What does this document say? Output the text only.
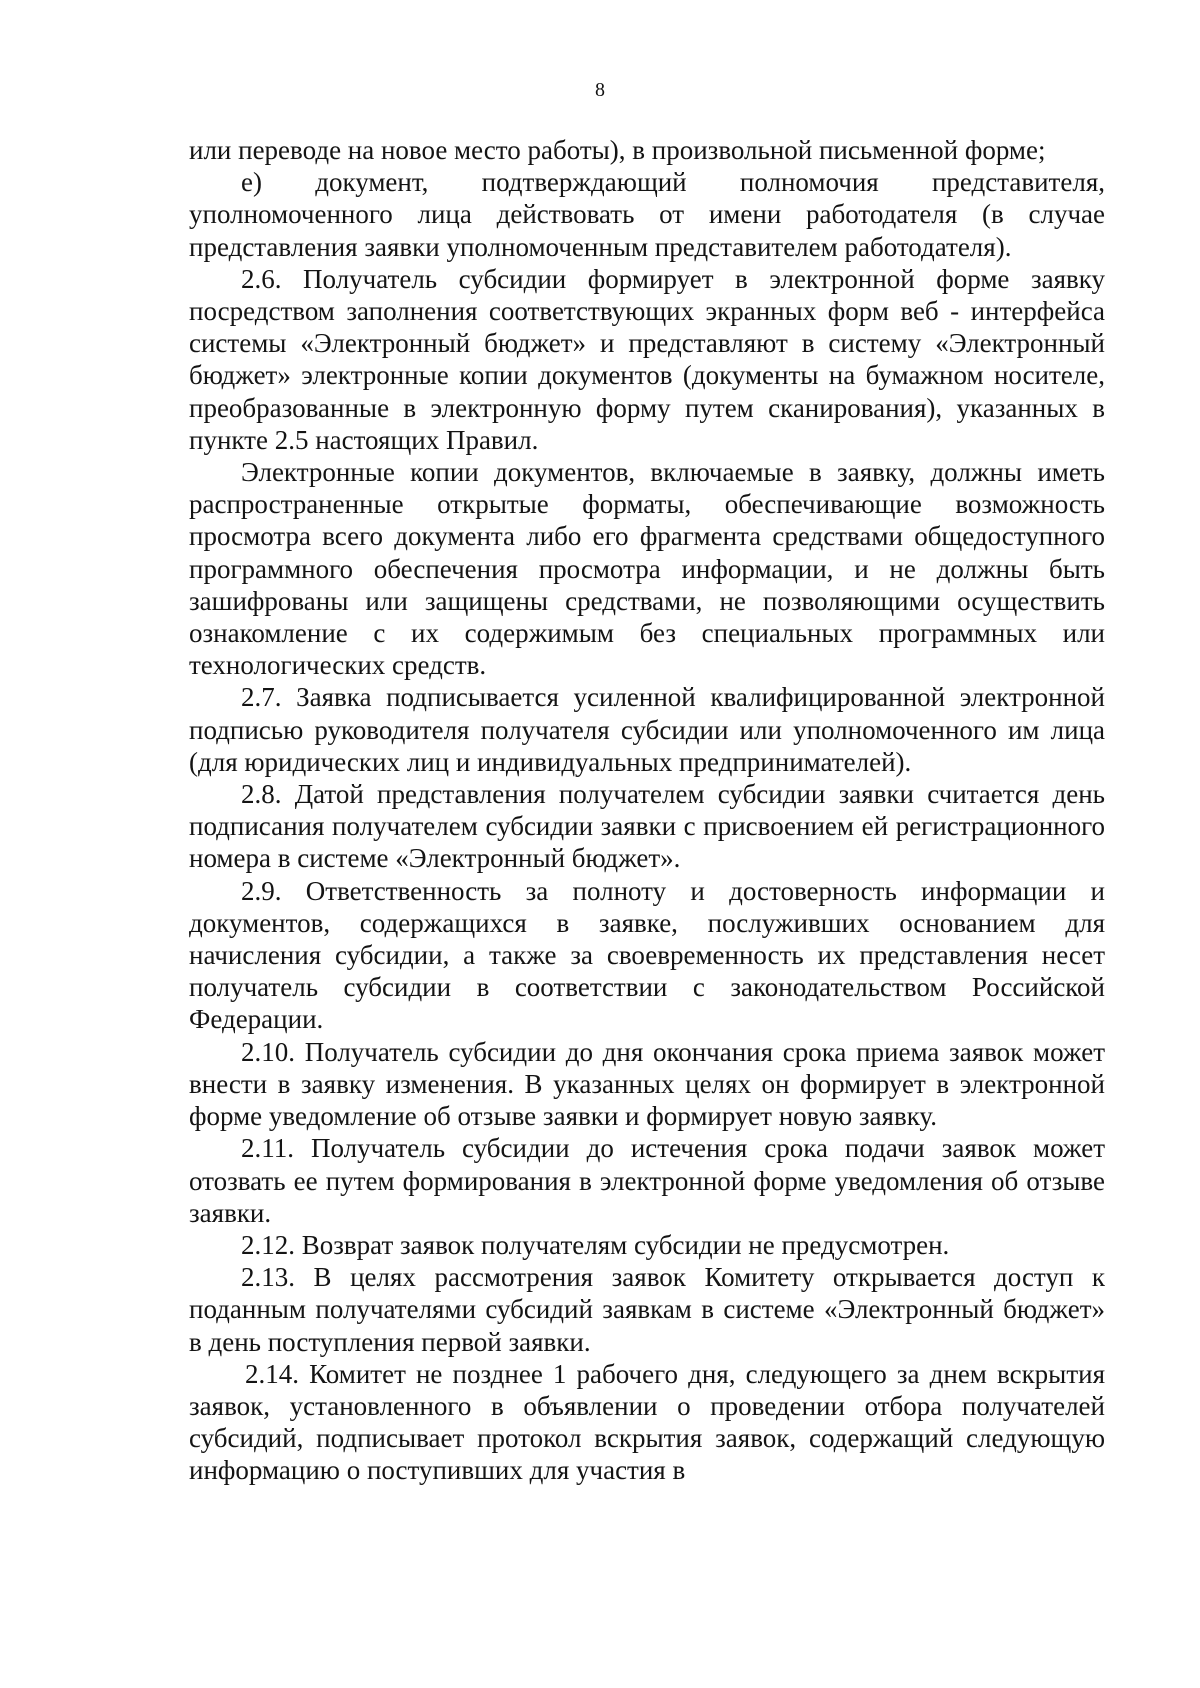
8

или переводе на новое место работы), в произвольной письменной форме;

е) документ, подтверждающий полномочия представителя, уполномоченного лица действовать от имени работодателя (в случае представления заявки уполномоченным представителем работодателя).

2.6. Получатель субсидии формирует в электронной форме заявку посредством заполнения соответствующих экранных форм веб - интерфейса системы «Электронный бюджет» и представляют в систему «Электронный бюджет» электронные копии документов (документы на бумажном носителе, преобразованные в электронную форму путем сканирования), указанных в пункте 2.5 настоящих Правил.

Электронные копии документов, включаемые в заявку, должны иметь распространенные открытые форматы, обеспечивающие возможность просмотра всего документа либо его фрагмента средствами общедоступного программного обеспечения просмотра информации, и не должны быть зашифрованы или защищены средствами, не позволяющими осуществить ознакомление с их содержимым без специальных программных или технологических средств.

2.7. Заявка подписывается усиленной квалифицированной электронной подписью руководителя получателя субсидии или уполномоченного им лица (для юридических лиц и индивидуальных предпринимателей).

2.8. Датой представления получателем субсидии заявки считается день подписания получателем субсидии заявки с присвоением ей регистрационного номера в системе «Электронный бюджет».

2.9. Ответственность за полноту и достоверность информации и документов, содержащихся в заявке, послуживших основанием для начисления субсидии, а также за своевременность их представления несет получатель субсидии в соответствии с законодательством Российской Федерации.

2.10. Получатель субсидии до дня окончания срока приема заявок может внести в заявку изменения. В указанных целях он формирует в электронной форме уведомление об отзыве заявки и формирует новую заявку.

2.11. Получатель субсидии до истечения срока подачи заявок может отозвать ее путем формирования в электронной форме уведомления об отзыве заявки.

2.12. Возврат заявок получателям субсидии не предусмотрен.

2.13. В целях рассмотрения заявок Комитету открывается доступ к поданным получателями субсидий заявкам в системе «Электронный бюджет» в день поступления первой заявки.

2.14. Комитет не позднее 1 рабочего дня, следующего за днем вскрытия заявок, установленного в объявлении о проведении отбора получателей субсидий, подписывает протокол вскрытия заявок, содержащий следующую информацию о поступивших для участия в
